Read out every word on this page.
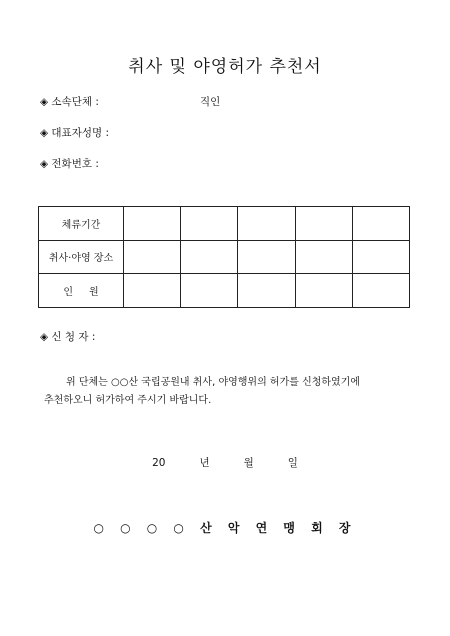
취사 및 야영허가 추천서
◈ 소속단체 :	직인
◈ 대표자성명 :
◈ 전화번호 :
체류기간					
취사·야영 장소					
인     원					
◈ 신 청 자 :
위 단체는 ○○산 국립공원내 취사, 야영행위의 허가를 신청하였기에
추천하오니 허가하여 주시기 바랍니다.
20   년   월   일
○ ○ ○ ○ 산 악 연 맹 회 장
